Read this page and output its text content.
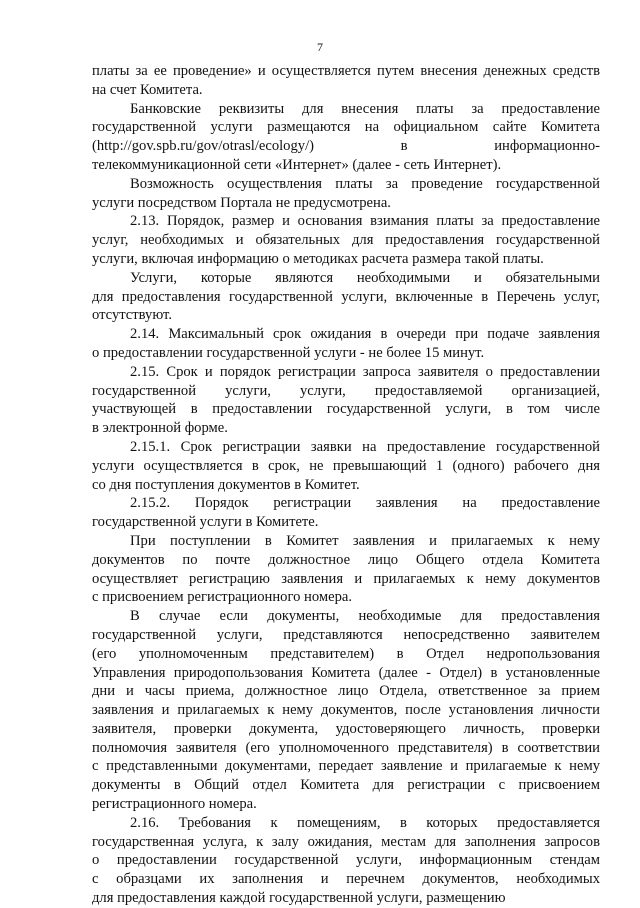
7
платы за ее проведение» и осуществляется путем внесения денежных средств
на счет Комитета.
Банковские реквизиты для внесения платы за предоставление
государственной услуги размещаются на официальном сайте Комитета
(http://gov.spb.ru/gov/otrasl/ecology/) в информационно-
телекоммуникационной сети «Интернет» (далее - сеть Интернет).
Возможность осуществления платы за проведение государственной
услуги посредством Портала не предусмотрена.
2.13. Порядок, размер и основания взимания платы за предоставление
услуг, необходимых и обязательных для предоставления государственной
услуги, включая информацию о методиках расчета размера такой платы.
Услуги, которые являются необходимыми и обязательными
для предоставления государственной услуги, включенные в Перечень услуг,
отсутствуют.
2.14. Максимальный срок ожидания в очереди при подаче заявления
о предоставлении государственной услуги - не более 15 минут.
2.15. Срок и порядок регистрации запроса заявителя о предоставлении
государственной услуги, услуги, предоставляемой организацией,
участвующей в предоставлении государственной услуги, в том числе
в электронной форме.
2.15.1. Срок регистрации заявки на предоставление государственной
услуги осуществляется в срок, не превышающий 1 (одного) рабочего дня
со дня поступления документов в Комитет.
2.15.2. Порядок регистрации заявления на предоставление
государственной услуги в Комитете.
При поступлении в Комитет заявления и прилагаемых к нему
документов по почте должностное лицо Общего отдела Комитета
осуществляет регистрацию заявления и прилагаемых к нему документов
с присвоением регистрационного номера.
В случае если документы, необходимые для предоставления
государственной услуги, представляются непосредственно заявителем
(его уполномоченным представителем) в Отдел недропользования
Управления природопользования Комитета (далее - Отдел) в установленные
дни и часы приема, должностное лицо Отдела, ответственное за прием
заявления и прилагаемых к нему документов, после установления личности
заявителя, проверки документа, удостоверяющего личность, проверки
полномочия заявителя (его уполномоченного представителя) в соответствии
с представленными документами, передает заявление и прилагаемые к нему
документы в Общий отдел Комитета для регистрации с присвоением
регистрационного номера.
2.16. Требования к помещениям, в которых предоставляется
государственная услуга, к залу ожидания, местам для заполнения запросов
о предоставлении государственной услуги, информационным стендам
с образцами их заполнения и перечнем документов, необходимых
для предоставления каждой государственной услуги, размещению
